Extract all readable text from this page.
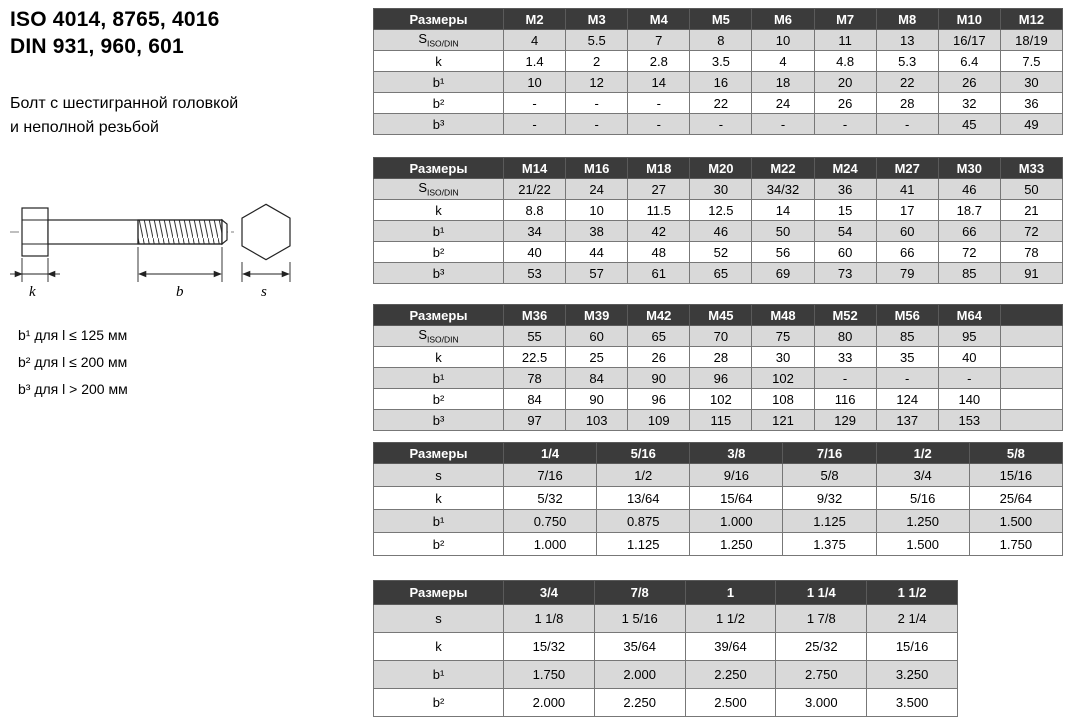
ISO 4014, 8765, 4016
DIN 931, 960, 601
Болт с шестигранной головкой
и неполной резьбой
k	b	s
b¹ для l ≤ 125 мм
b² для l ≤ 200 мм
b³ для l > 200 мм
Размеры	M2	M3	M4	M5	M6	M7	M8	M10	M12
$S_{ISO/DIN}$	4	5.5	7	8	10	11	13	16/17	18/19
k	1.4	2	2.8	3.5	4	4.8	5.3	6.4	7.5
b¹	10	12	14	16	18	20	22	26	30
b²	-	-	-	22	24	26	28	32	36
b³	-	-	-	-	-	-	-	45	49
Размеры	M14	M16	M18	M20	M22	M24	M27	M30	M33
$S_{ISO/DIN}$	21/22	24	27	30	34/32	36	41	46	50
k	8.8	10	11.5	12.5	14	15	17	18.7	21
b¹	34	38	42	46	50	54	60	66	72
b²	40	44	48	52	56	60	66	72	78
b³	53	57	61	65	69	73	79	85	91
Размеры	M36	M39	M42	M45	M48	M52	M56	M64	
$S_{ISO/DIN}$	55	60	65	70	75	80	85	95	
k	22.5	25	26	28	30	33	35	40	
b¹	78	84	90	96	102	-	-	-	
b²	84	90	96	102	108	116	124	140	
b³	97	103	109	115	121	129	137	153	
Размеры	1/4	5/16	3/8	7/16	1/2	5/8
s	7/16	1/2	9/16	5/8	3/4	15/16
k	5/32	13/64	15/64	9/32	5/16	25/64
b¹	0.750	0.875	1.000	1.125	1.250	1.500
b²	1.000	1.125	1.250	1.375	1.500	1.750
Размеры	3/4	7/8	1	1 1/4	1 1/2
s	1 1/8	1 5/16	1 1/2	1 7/8	2 1/4
k	15/32	35/64	39/64	25/32	15/16
b¹	1.750	2.000	2.250	2.750	3.250
b²	2.000	2.250	2.500	3.000	3.500
